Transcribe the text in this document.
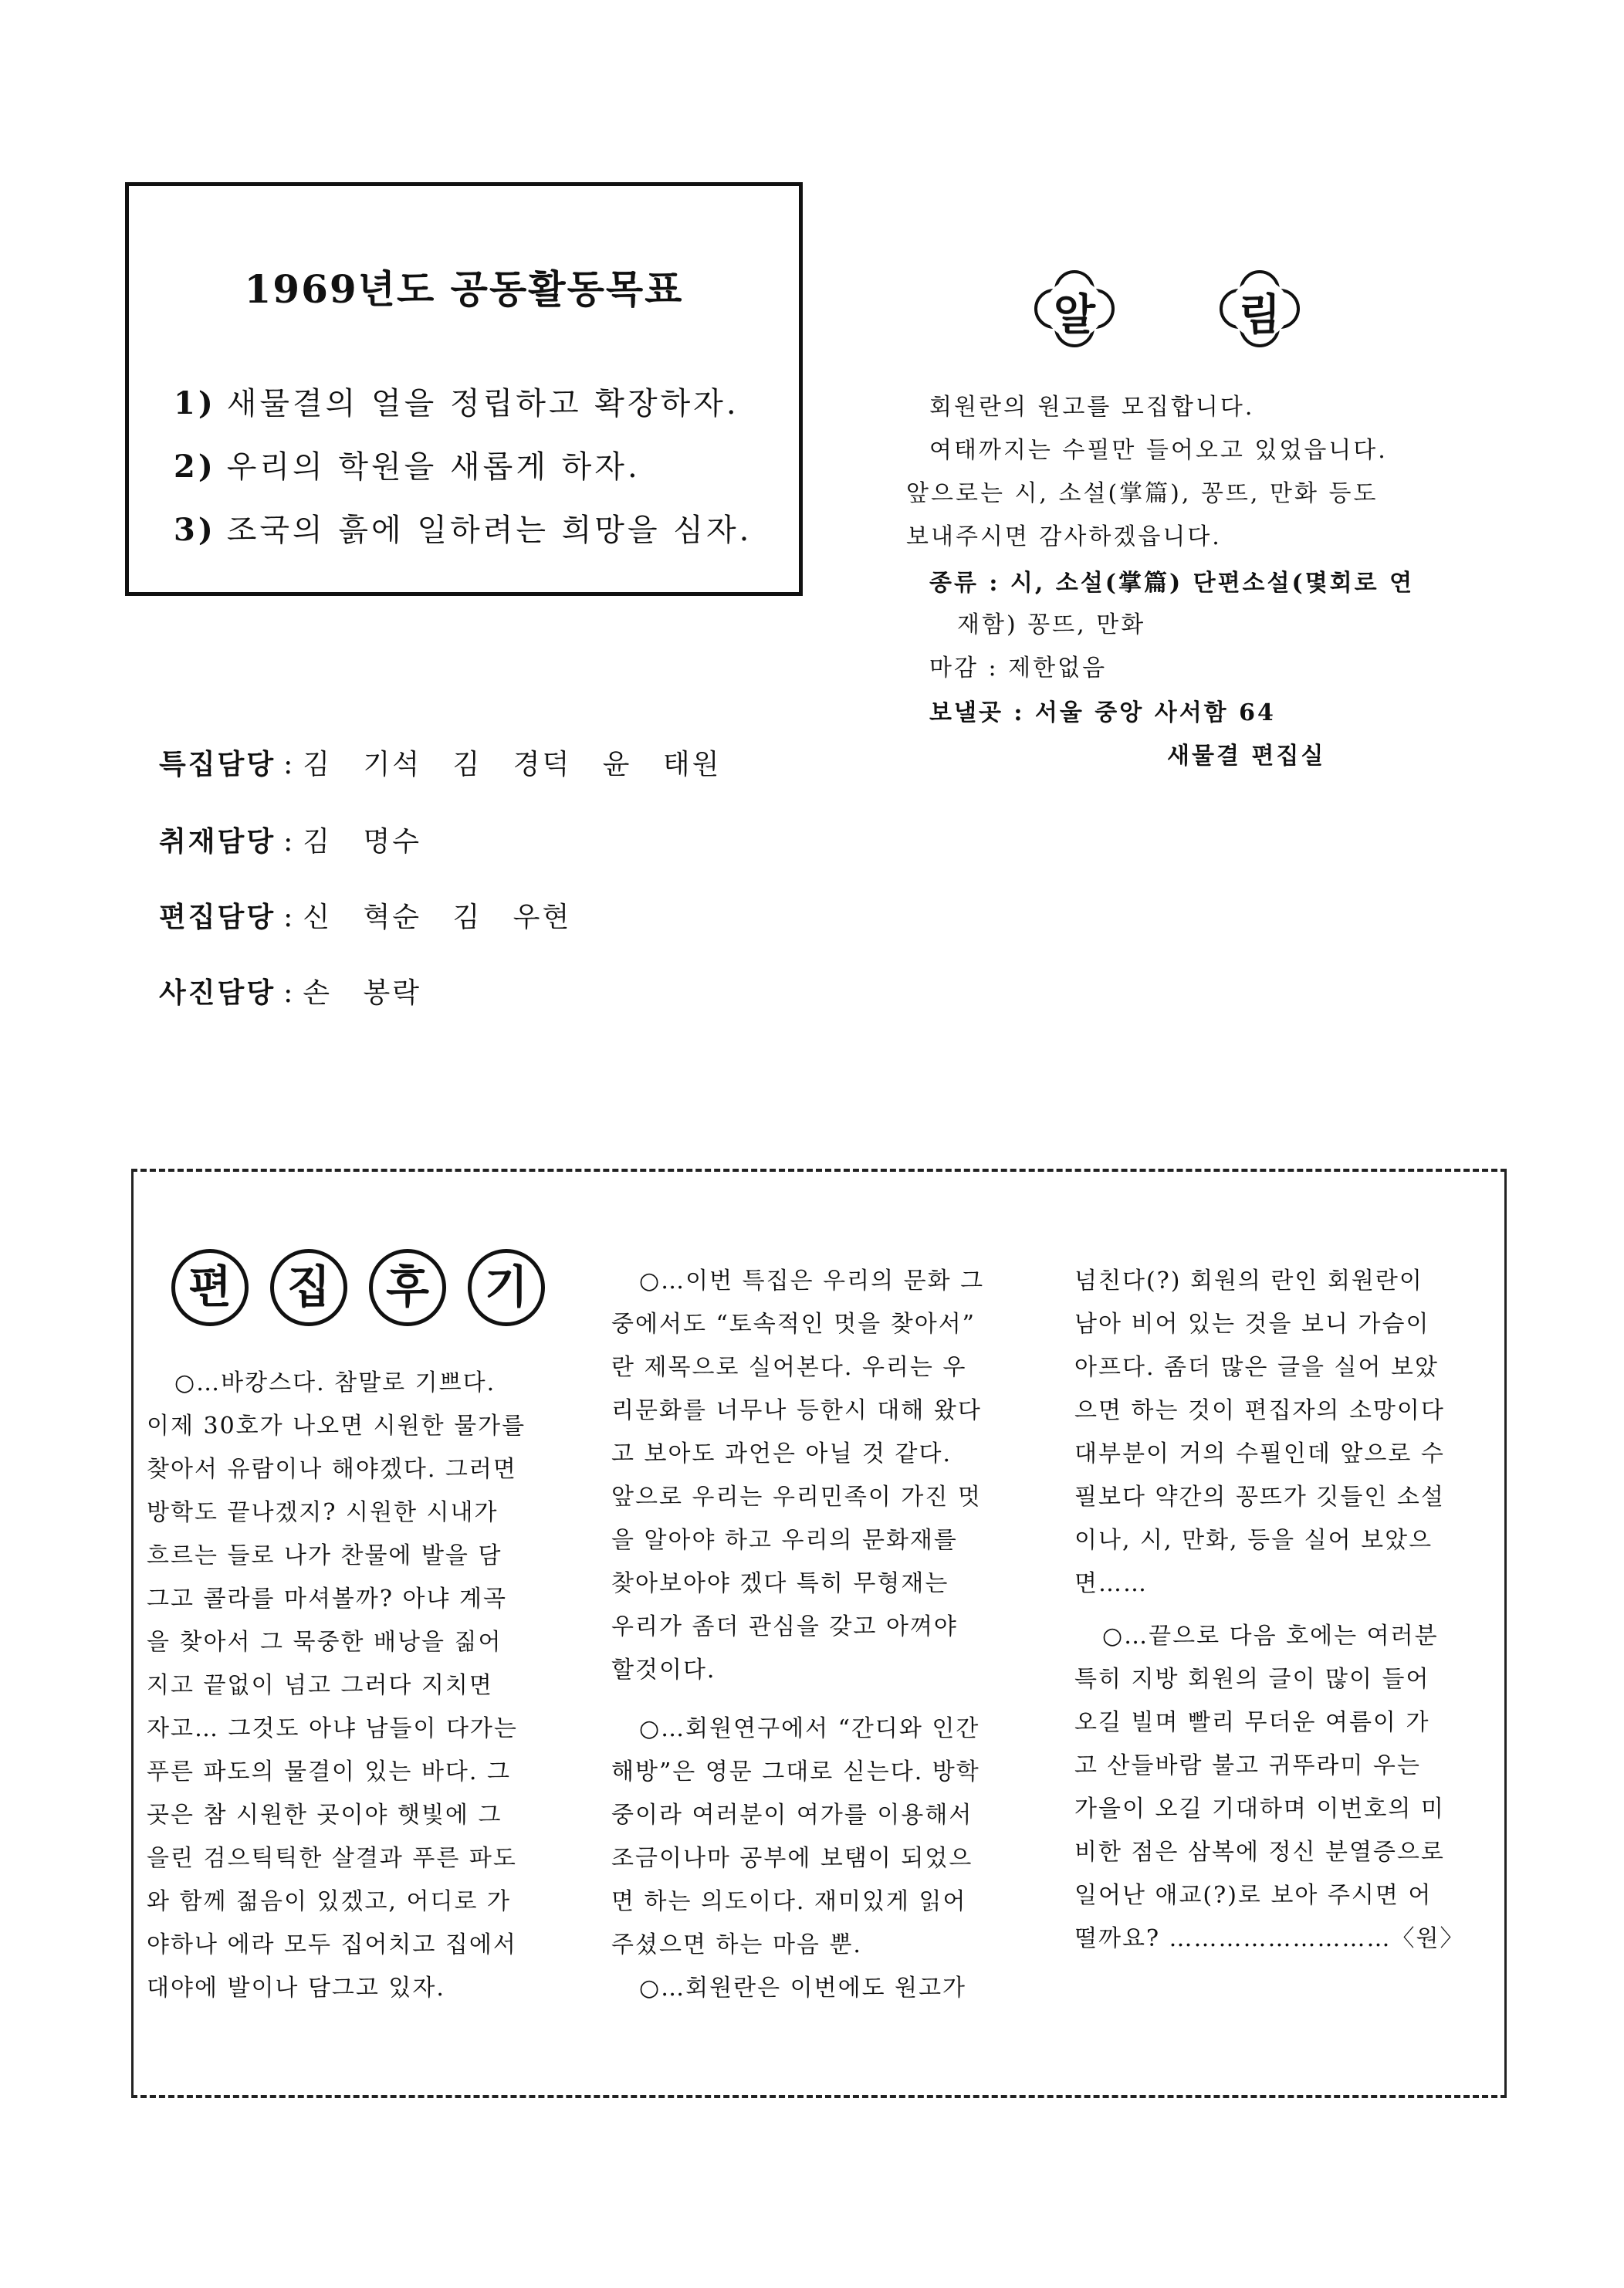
1969년도 공동활동목표
1) 새물결의 얼을 정립하고 확장하자.
2) 우리의 학원을 새롭게 하자.
3) 조국의 흙에 일하려는 희망을 심자.
특집담당 : 김 기석 김 경덕 윤 태원
취재담당 : 김 명수
편집담당 : 신 혁순 김 우현
사진담당 : 손 봉락
알	림
회원란의 원고를 모집합니다.
여태까지는 수필만 들어오고 있었읍니다.
앞으로는 시, 소설(掌篇), 꽁뜨, 만화 등도
보내주시면 감사하겠읍니다.
종류 : 시, 소설(掌篇) 단편소설(몇회로 연
재함) 꽁뜨, 만화
마감 : 제한없음
보낼곳 : 서울 중앙 사서함 64
새물결 편집실
편	집	후	기
○…바캉스다. 참말로 기쁘다.
이제 30호가 나오면 시원한 물가를
찾아서 유람이나 해야겠다. 그러면
방학도 끝나겠지? 시원한 시내가
흐르는 들로 나가 찬물에 발을 담
그고 콜라를 마셔볼까? 아냐 계곡
을 찾아서 그 묵중한 배낭을 짊어
지고 끝없이 넘고 그러다 지치면
자고… 그것도 아냐 남들이 다가는
푸른 파도의 물결이 있는 바다. 그
곳은 참 시원한 곳이야 햇빛에 그
을린 검으틱틱한 살결과 푸른 파도
와 함께 젊음이 있겠고, 어디로 가
야하나 에라 모두 집어치고 집에서
대야에 발이나 담그고 있자.
○…이번 특집은 우리의 문화 그
중에서도 “토속적인 멋을 찾아서”
란 제목으로 실어본다. 우리는 우
리문화를 너무나 등한시 대해 왔다
고 보아도 과언은 아닐 것 같다.
앞으로 우리는 우리민족이 가진 멋
을 알아야 하고 우리의 문화재를
찾아보아야 겠다 특히 무형재는
우리가 좀더 관심을 갖고 아껴야
할것이다.
○…회원연구에서 “간디와 인간
해방”은 영문 그대로 싣는다. 방학
중이라 여러분이 여가를 이용해서
조금이나마 공부에 보탬이 되었으
면 하는 의도이다. 재미있게 읽어
주셨으면 하는 마음 뿐.
○…회원란은 이번에도 원고가
넘친다(?) 회원의 란인 회원란이
남아 비어 있는 것을 보니 가슴이
아프다. 좀더 많은 글을 실어 보았
으면 하는 것이 편집자의 소망이다
대부분이 거의 수필인데 앞으로 수
필보다 약간의 꽁뜨가 깃들인 소설
이나, 시, 만화, 등을 실어 보았으
면……
○…끝으로 다음 호에는 여러분
특히 지방 회원의 글이 많이 들어
오길 빌며 빨리 무더운 여름이 가
고 산들바람 불고 귀뚜라미 우는
가을이 오길 기대하며 이번호의 미
비한 점은 삼복에 정신 분열증으로
일어난 애교(?)로 보아 주시면 어
떨까요? ………………………〈원〉
